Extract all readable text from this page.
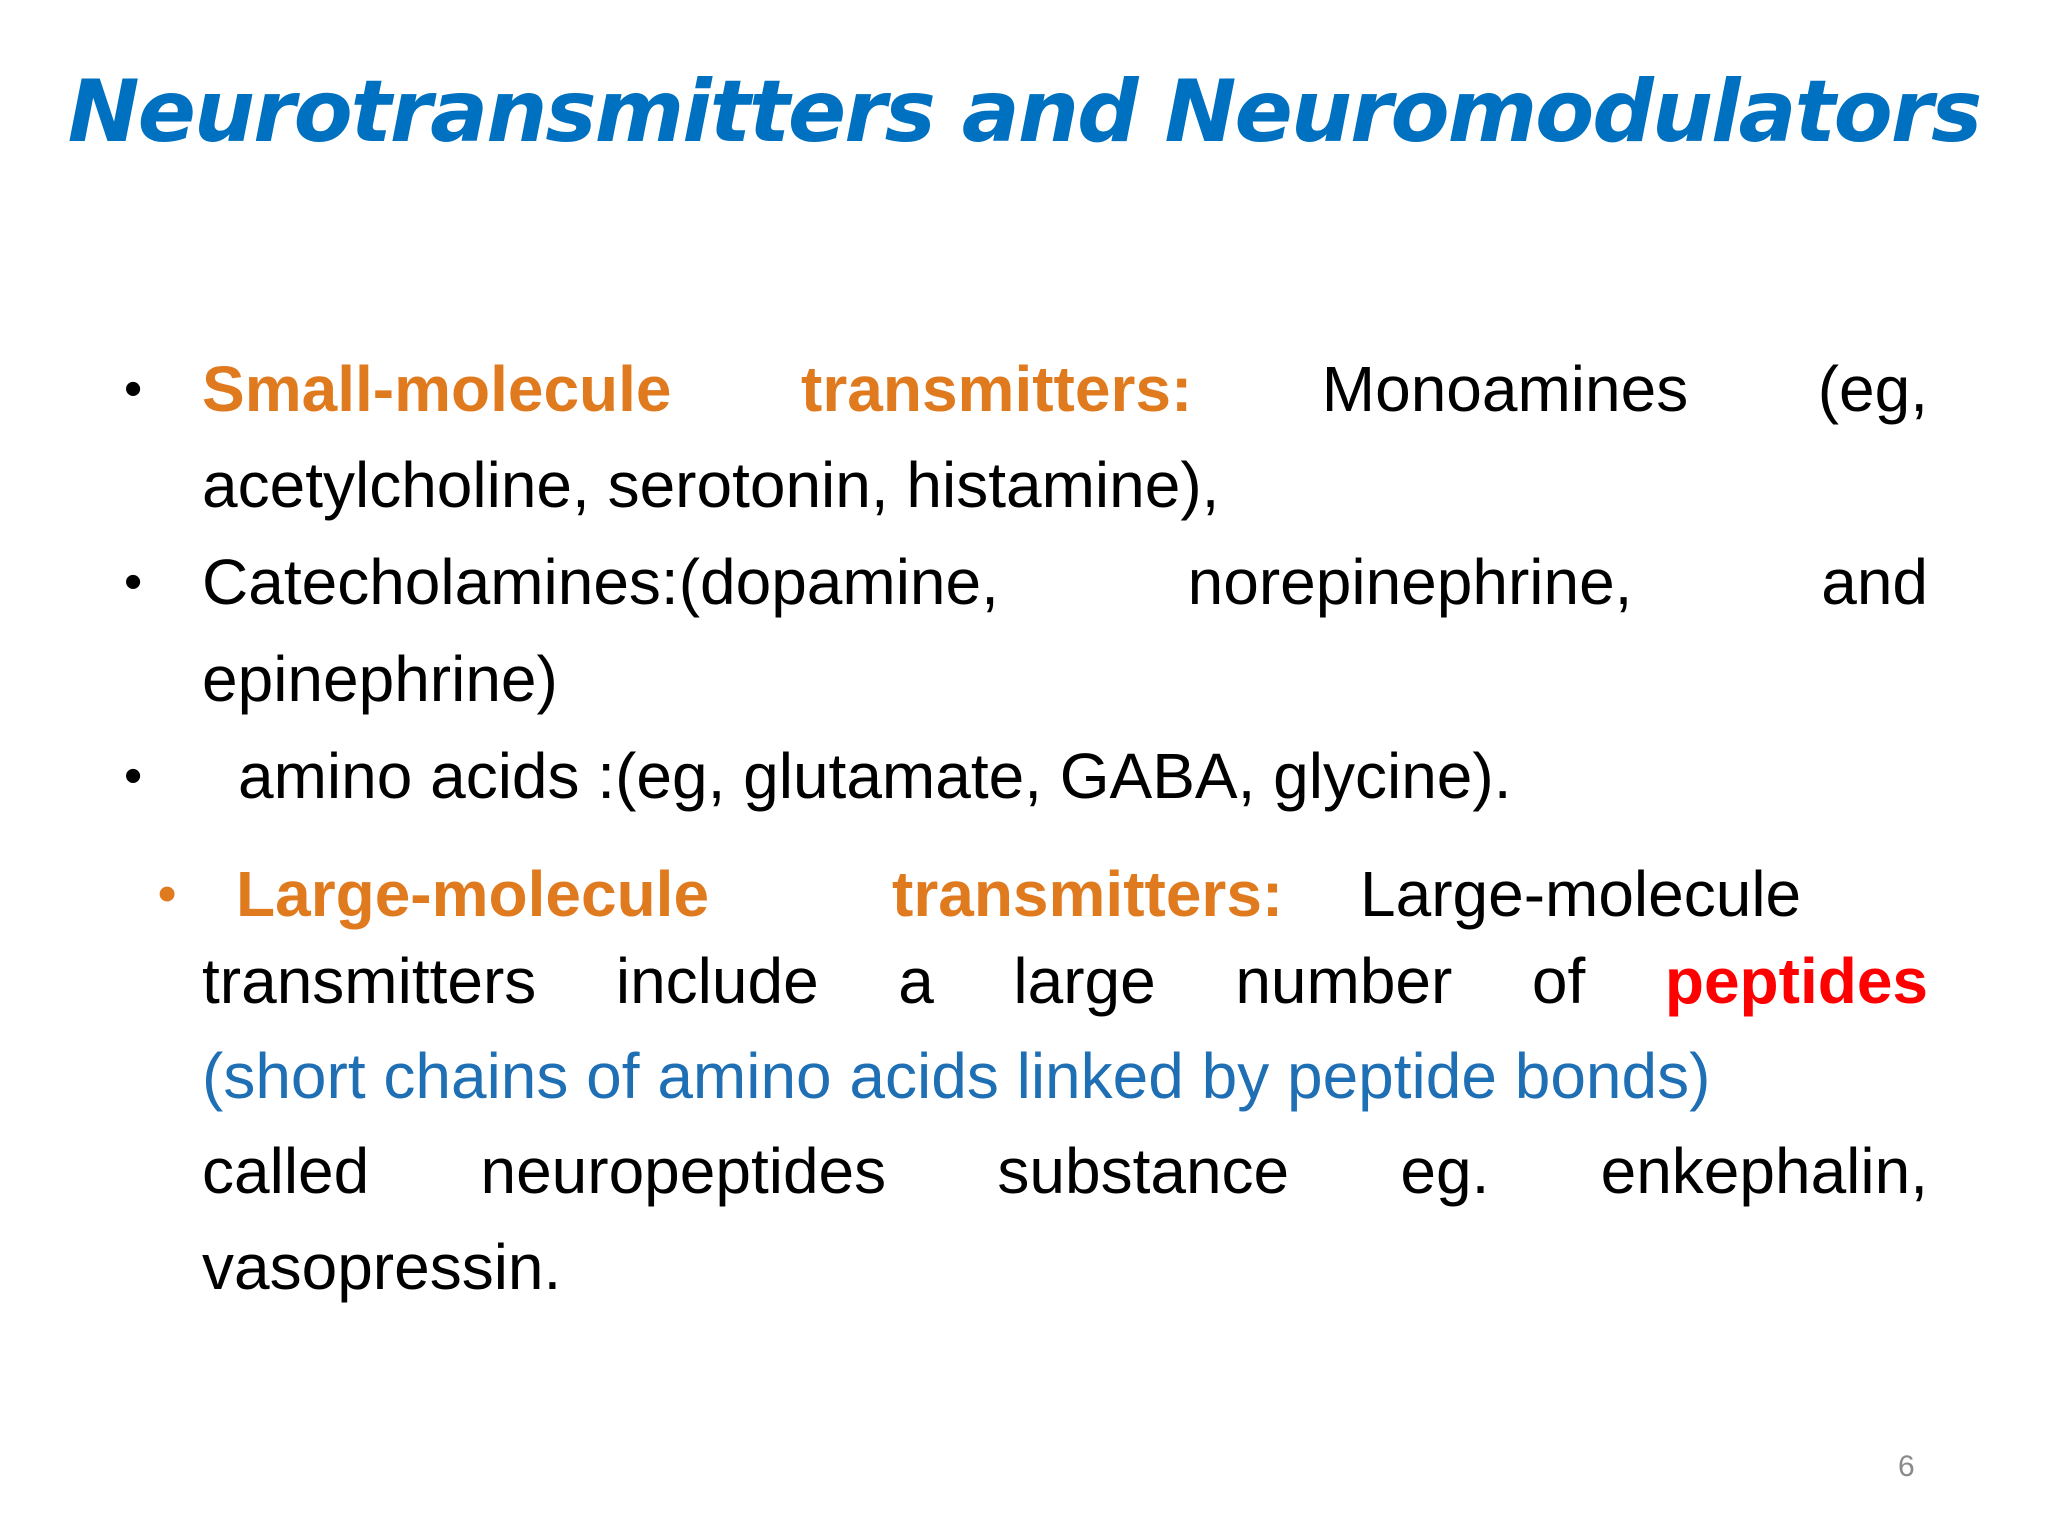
Neurotransmitters and Neuromodulators
• Small-molecule transmitters: Monoamines (eg,
acetylcholine, serotonin, histamine),
• Catecholamines:(dopamine,	norepinephrine,	and
epinephrine)
• amino acids :(eg, glutamate, GABA, glycine).
• Large-molecule	transmitters: Large-molecule
transmitters include a large number of peptides
(short chains of amino acids linked by peptide bonds)
called neuropeptides substance eg. enkephalin,
vasopressin.
6
